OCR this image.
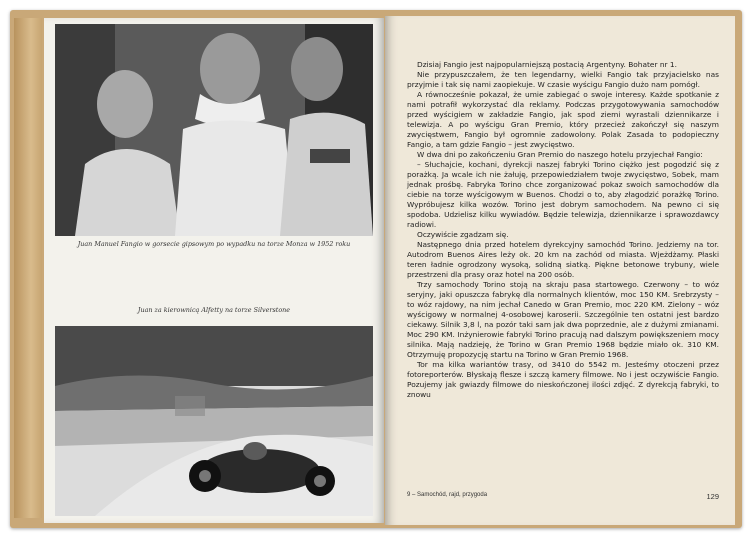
Juan Manuel Fangio w gorsecie gipsowym po wypadku na torze Monza w 1952 roku
Juan za kierownicą Alfetty na torze Silverstone

Dzisiaj Fangio jest najpopularniejszą postacią Argentyny. Bohater nr 1.

Nie przypuszczałem, że ten legendarny, wielki Fangio tak przyjacielsko nas przyjmie i tak się nami zaopiekuje. W czasie wyścigu Fangio dużo nam pomógł.

A równocześnie pokazał, że umie zabiegać o swoje interesy. Każde spotkanie z nami potrafił wykorzystać dla reklamy. Podczas przygotowywania samochodów przed wyścigiem w zakładzie Fangio, jak spod ziemi wyrastali dziennikarze i telewizja. A po wyścigu Gran Premio, który przecież zakończył się naszym zwycięstwem, Fangio był ogromnie zadowolony. Polak Zasada to podopieczny Fangio, a tam gdzie Fangio – jest zwycięstwo.

W dwa dni po zakończeniu Gran Premio do naszego hotelu przyjechał Fangio:

– Słuchajcie, kochani, dyrekcji naszej fabryki Torino ciężko jest pogodzić się z porażką. Ja wcale ich nie żałuję, przepowiedziałem twoje zwycięstwo, Sobek, mam jednak prośbę. Fabryka Torino chce zorganizować pokaz swoich samochodów dla ciebie na torze wyścigowym w Buenos. Chodzi o to, aby złagodzić porażkę Torino. Wypróbujesz kilka wozów. Torino jest dobrym samochodem. Na pewno ci się spodoba. Udzielisz kilku wywiadów. Będzie telewizja, dziennikarze i sprawozdawcy radiowi.

Oczywiście zgadzam się.

Następnego dnia przed hotelem dyrekcyjny samochód Torino. Jedziemy na tor. Autodrom Buenos Aires leży ok. 20 km na zachód od miasta. Wjeżdżamy. Płaski teren ładnie ogrodzony wysoką, solidną siatką. Piękne betonowe trybuny, wiele przestrzeni dla prasy oraz hotel na 200 osób.

Trzy samochody Torino stoją na skraju pasa startowego. Czerwony – to wóz seryjny, jaki opuszcza fabrykę dla normalnych klientów, moc 150 KM. Srebrzysty – to wóz rajdowy, na nim jechał Canedo w Gran Premio, moc 220 KM. Zielony – wóz wyścigowy w normalnej 4-osobowej karoserii. Szczególnie ten ostatni jest bardzo ciekawy. Silnik 3,8 l, na pozór taki sam jak dwa poprzednie, ale z dużymi zmianami. Moc 290 KM. Inżynierowie fabryki Torino pracują nad dalszym powiększeniem mocy silnika. Mają nadzieję, że Torino w Gran Premio 1968 będzie miało ok. 310 KM. Otrzymuję propozycję startu na Torino w Gran Premio 1968.

Tor ma kilka wariantów trasy, od 3410 do 5542 m. Jesteśmy otoczeni przez fotoreporterów. Błyskają flesze i szczą kamery filmowe. No i jest oczywiście Fangio. Pozujemy jak gwiazdy filmowe do nieskończonej ilości zdjęć. Z dyrekcją fabryki, to znowu

9 – Samochód, rajd, przygoda	129
